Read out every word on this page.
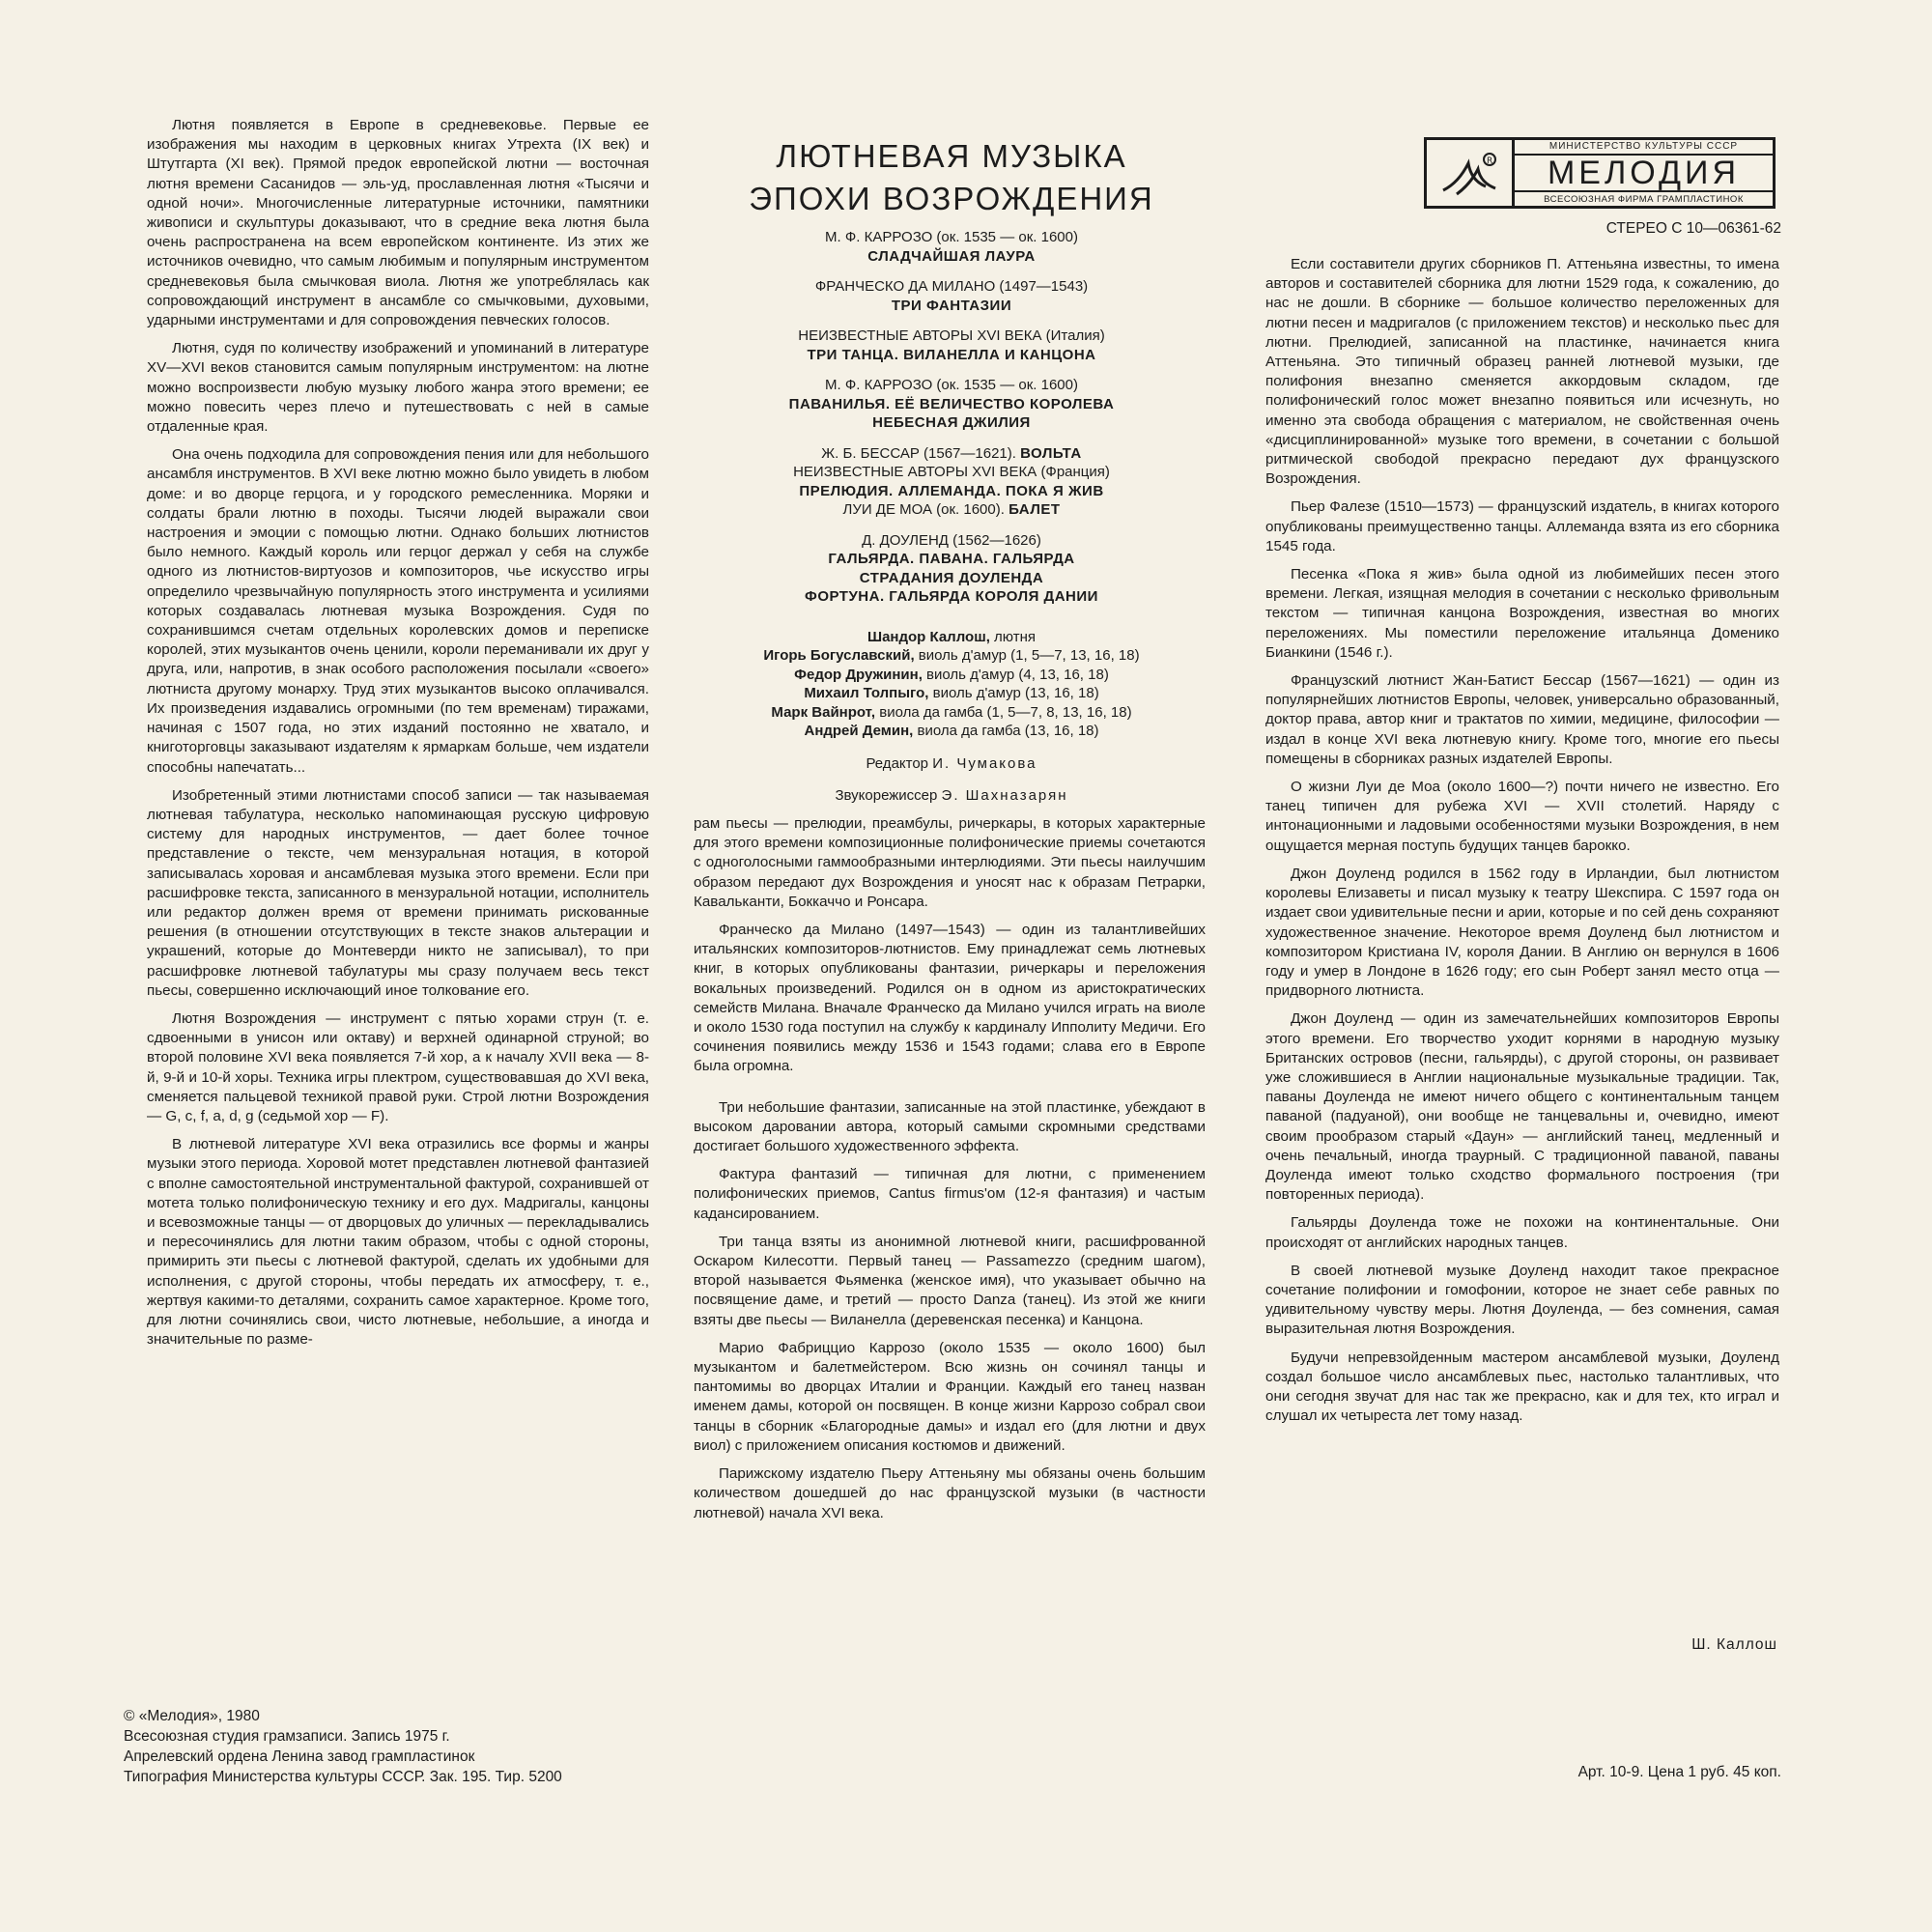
Лютня появляется в Европе в средневековье. Первые ее изображения мы находим в церковных книгах Утрехта (IX век) и Штутгарта (XI век). Прямой предок европейской лютни — восточная лютня времени Сасанидов — эль-уд, прославленная лютня «Тысячи и одной ночи». Многочисленные литературные источники, памятники живописи и скульптуры доказывают, что в средние века лютня была очень распространена на всем европейском континенте. Из этих же источников очевидно, что самым любимым и популярным инструментом средневековья была смычковая виола. Лютня же употреблялась как сопровождающий инструмент в ансамбле со смычковыми, духовыми, ударными инструментами и для сопровождения певческих голосов.

Лютня, судя по количеству изображений и упоминаний в литературе XV—XVI веков становится самым популярным инструментом: на лютне можно воспроизвести любую музыку любого жанра этого времени; ее можно повесить через плечо и путешествовать с ней в самые отдаленные края.

Она очень подходила для сопровождения пения или для небольшого ансамбля инструментов. В XVI веке лютню можно было увидеть в любом доме: и во дворце герцога, и у городского ремесленника. Моряки и солдаты брали лютню в походы. Тысячи людей выражали свои настроения и эмоции с помощью лютни. Однако больших лютнистов было немного. Каждый король или герцог держал у себя на службе одного из лютнистов-виртуозов и композиторов, чье искусство игры определило чрезвычайную популярность этого инструмента и усилиями которых создавалась лютневая музыка Возрождения. Судя по сохранившимся счетам отдельных королевских домов и переписке королей, этих музыкантов очень ценили, короли переманивали их друг у друга, или, напротив, в знак особого расположения посылали «своего» лютниста другому монарху. Труд этих музыкантов высоко оплачивался. Их произведения издавались огромными (по тем временам) тиражами, начиная с 1507 года, но этих изданий постоянно не хватало, и книготорговцы заказывают издателям к ярмаркам больше, чем издатели способны напечатать...

Изобретенный этими лютнистами способ записи — так называемая лютневая табулатура, несколько напоминающая русскую цифровую систему для народных инструментов, — дает более точное представление о тексте, чем мензуральная нотация, в которой записывалась хоровая и ансамблевая музыка этого времени. Если при расшифровке текста, записанного в мензуральной нотации, исполнитель или редактор должен время от времени принимать рискованные решения (в отношении отсутствующих в тексте знаков альтерации и украшений, которые до Монтеверди никто не записывал), то при расшифровке лютневой табулатуры мы сразу получаем весь текст пьесы, совершенно исключающий иное толкование его.

Лютня Возрождения — инструмент с пятью хорами струн (т. е. сдвоенными в унисон или октаву) и верхней одинарной струной; во второй половине XVI века появляется 7-й хор, а к началу XVII века — 8-й, 9-й и 10-й хоры. Техника игры плектром, существовавшая до XVI века, сменяется пальцевой техникой правой руки. Строй лютни Возрождения — G, c, f, a, d, g (седьмой хор — F).

В лютневой литературе XVI века отразились все формы и жанры музыки этого периода. Хоровой мотет представлен лютневой фантазией с вполне самостоятельной инструментальной фактурой, сохранившей от мотета только полифоническую технику и его дух. Мадригалы, канцоны и всевозможные танцы — от дворцовых до уличных — перекладывались и пересочинялись для лютни таким образом, чтобы с одной стороны, примирить эти пьесы с лютневой фактурой, сделать их удобными для исполнения, с другой стороны, чтобы передать их атмосферу, т. е., жертвуя какими-то деталями, сохранить самое характерное. Кроме того, для лютни сочинялись свои, чисто лютневые, небольшие, а иногда и значительные по разме-

ЛЮТНЕВАЯ МУЗЫКА
ЭПОХИ ВОЗРОЖДЕНИЯ
М. Ф. КАРРОЗО (ок. 1535 — ок. 1600)
СЛАДЧАЙШАЯ ЛАУРА
ФРАНЧЕСКО ДА МИЛАНО (1497—1543)
ТРИ ФАНТАЗИИ
НЕИЗВЕСТНЫЕ АВТОРЫ XVI ВЕКА (Италия)
ТРИ ТАНЦА. ВИЛАНЕЛЛА И КАНЦОНА
М. Ф. КАРРОЗО (ок. 1535 — ок. 1600)
ПАВАНИЛЬЯ. ЕЁ ВЕЛИЧЕСТВО КОРОЛЕВА
НЕБЕСНАЯ ДЖИЛИЯ
Ж. Б. БЕССАР (1567—1621). ВОЛЬТА
НЕИЗВЕСТНЫЕ АВТОРЫ XVI ВЕКА (Франция)
ПРЕЛЮДИЯ. АЛЛЕМАНДА. ПОКА Я ЖИВ
ЛУИ ДЕ МОА (ок. 1600). БАЛЕТ
Д. ДОУЛЕНД (1562—1626)
ГАЛЬЯРДА. ПАВАНА. ГАЛЬЯРДА
СТРАДАНИЯ ДОУЛЕНДА
ФОРТУНА. ГАЛЬЯРДА КОРОЛЯ ДАНИИ
Шандор Каллош, лютня
Игорь Богуславский, виоль д'амур (1, 5—7, 13, 16, 18)
Федор Дружинин, виоль д'амур (4, 13, 16, 18)
Михаил Толпыго, виоль д'амур (13, 16, 18)
Марк Вайнрот, виола да гамба (1, 5—7, 8, 13, 16, 18)
Андрей Демин, виола да гамба (13, 16, 18)
Редактор И. Чумакова
Звукорежиссер Э. Шахназарян

рам пьесы — прелюдии, преамбулы, ричеркары, в которых характерные для этого времени композиционные полифонические приемы сочетаются с одноголосными гаммообразными интерлюдиями. Эти пьесы наилучшим образом передают дух Возрождения и уносят нас к образам Петрарки, Кавальканти, Боккаччо и Ронсара.

Франческо да Милано (1497—1543) — один из талантливейших итальянских композиторов-лютнистов. Ему принадлежат семь лютневых книг, в которых опубликованы фантазии, ричеркары и переложения вокальных произведений. Родился он в одном из аристократических семейств Милана. Вначале Франческо да Милано учился играть на виоле и около 1530 года поступил на службу к кардиналу Ипполиту Медичи. Его сочинения появились между 1536 и 1543 годами; слава его в Европе была огромна.

Три небольшие фантазии, записанные на этой пластинке, убеждают в высоком даровании автора, который самыми скромными средствами достигает большого художественного эффекта.

Фактура фантазий — типичная для лютни, с применением полифонических приемов, Cantus firmus'ом (12-я фантазия) и частым кадансированием.

Три танца взяты из анонимной лютневой книги, расшифрованной Оскаром Килесотти. Первый танец — Passamezzo (средним шагом), второй называется Фьяменка (женское имя), что указывает обычно на посвящение даме, и третий — просто Danza (танец). Из этой же книги взяты две пьесы — Виланелла (деревенская песенка) и Канцона.

Марио Фабриццио Каррозо (около 1535 — около 1600) был музыкантом и балетмейстером. Всю жизнь он сочинял танцы и пантомимы во дворцах Италии и Франции. Каждый его танец назван именем дамы, которой он посвящен. В конце жизни Каррозо собрал свои танцы в сборник «Благородные дамы» и издал его (для лютни и двух виол) с приложением описания костюмов и движений.

Парижскому издателю Пьеру Аттеньяну мы обязаны очень большим количеством дошедшей до нас французской музыки (в частности лютневой) начала XVI века.

R
МИНИСТЕРСТВО КУЛЬТУРЫ СССР
МЕЛОДИЯ
ВСЕСОЮЗНАЯ ФИРМА ГРАМПЛАСТИНОК
СТЕРЕО С 10—06361-62

Если составители других сборников П. Аттеньяна известны, то имена авторов и составителей сборника для лютни 1529 года, к сожалению, до нас не дошли. В сборнике — большое количество переложенных для лютни песен и мадригалов (с приложением текстов) и несколько пьес для лютни. Прелюдией, записанной на пластинке, начинается книга Аттеньяна. Это типичный образец ранней лютневой музыки, где полифония внезапно сменяется аккордовым складом, где полифонический голос может внезапно появиться или исчезнуть, но именно эта свобода обращения с материалом, не свойственная очень «дисциплинированной» музыке того времени, в сочетании с большой ритмической свободой прекрасно передают дух французского Возрождения.

Пьер Фалезе (1510—1573) — французский издатель, в книгах которого опубликованы преимущественно танцы. Аллеманда взята из его сборника 1545 года.

Песенка «Пока я жив» была одной из любимейших песен этого времени. Легкая, изящная мелодия в сочетании с несколько фривольным текстом — типичная канцона Возрождения, известная во многих переложениях. Мы поместили переложение итальянца Доменико Бианкини (1546 г.).

Французский лютнист Жан-Батист Бессар (1567—1621) — один из популярнейших лютнистов Европы, человек, универсально образованный, доктор права, автор книг и трактатов по химии, медицине, философии — издал в конце XVI века лютневую книгу. Кроме того, многие его пьесы помещены в сборниках разных издателей Европы.

О жизни Луи де Моа (около 1600—?) почти ничего не известно. Его танец типичен для рубежа XVI — XVII столетий. Наряду с интонационными и ладовыми особенностями музыки Возрождения, в нем ощущается мерная поступь будущих танцев барокко.

Джон Доуленд родился в 1562 году в Ирландии, был лютнистом королевы Елизаветы и писал музыку к театру Шекспира. С 1597 года он издает свои удивительные песни и арии, которые и по сей день сохраняют художественное значение. Некоторое время Доуленд был лютнистом и композитором Кристиана IV, короля Дании. В Англию он вернулся в 1606 году и умер в Лондоне в 1626 году; его сын Роберт занял место отца — придворного лютниста.

Джон Доуленд — один из замечательнейших композиторов Европы этого времени. Его творчество уходит корнями в народную музыку Британских островов (песни, гальярды), с другой стороны, он развивает уже сложившиеся в Англии национальные музыкальные традиции. Так, паваны Доуленда не имеют ничего общего с континентальным танцем паваной (падуаной), они вообще не танцевальны и, очевидно, имеют своим прообразом старый «Даун» — английский танец, медленный и очень печальный, иногда траурный. С традиционной паваной, паваны Доуленда имеют только сходство формального построения (три повторенных периода).

Гальярды Доуленда тоже не похожи на континентальные. Они происходят от английских народных танцев.

В своей лютневой музыке Доуленд находит такое прекрасное сочетание полифонии и гомофонии, которое не знает себе равных по удивительному чувству меры. Лютня Доуленда, — без сомнения, самая выразительная лютня Возрождения.

Будучи непревзойденным мастером ансамблевой музыки, Доуленд создал большое число ансамблевых пьес, настолько талантливых, что они сегодня звучат для нас так же прекрасно, как и для тех, кто играл и слушал их четыреста лет тому назад.

Ш. Каллош
© «Мелодия», 1980
Всесоюзная студия грамзаписи. Запись 1975 г.
Апрелевский ордена Ленина завод грампластинок
Типография Министерства культуры СССР. Зак. 195. Тир. 5200	Арт. 10-9. Цена 1 руб. 45 коп.
